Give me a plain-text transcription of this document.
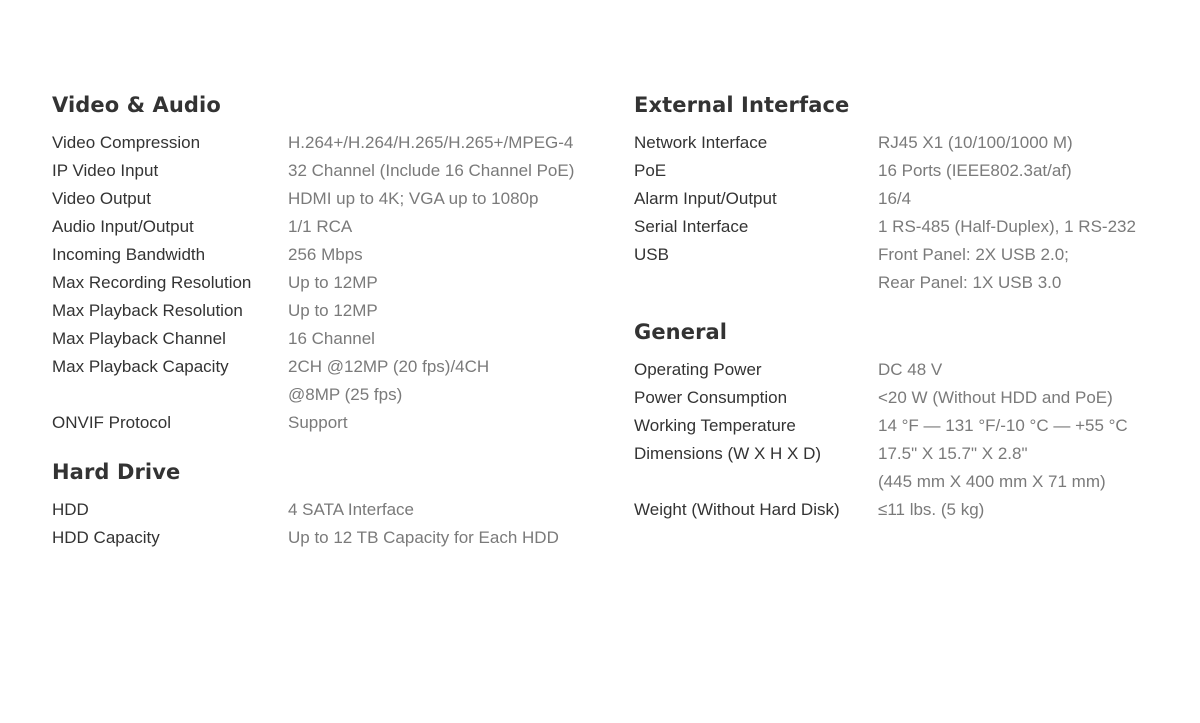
Video & Audio
Video Compression	H.264+/H.264/H.265/H.265+/MPEG-4
IP Video Input	32 Channel (Include 16 Channel PoE)
Video Output	HDMI up to 4K; VGA up to 1080p
Audio Input/Output	1/1 RCA
Incoming Bandwidth	256 Mbps
Max Recording Resolution	Up to 12MP
Max Playback Resolution	Up to 12MP
Max Playback Channel	16 Channel
Max Playback Capacity	2CH @12MP (20 fps)/4CH
@8MP (25 fps)
ONVIF Protocol	Support
Hard Drive
HDD	4 SATA Interface
HDD Capacity	Up to 12 TB Capacity for Each HDD
External Interface
Network Interface	RJ45 X1 (10/100/1000 M)
PoE	16 Ports (IEEE802.3at/af)
Alarm Input/Output	16/4
Serial Interface	1 RS-485 (Half-Duplex), 1 RS-232
USB	Front Panel: 2X USB 2.0;
Rear Panel: 1X USB 3.0
General
Operating Power	DC 48 V
Power Consumption	<20 W (Without HDD and PoE)
Working Temperature	14 °F — 131 °F/-10 °C — +55 °C
Dimensions (W X H X D)	17.5" X 15.7" X 2.8"
(445 mm X 400 mm X 71 mm)
Weight (Without Hard Disk)	≤11 lbs. (5 kg)
